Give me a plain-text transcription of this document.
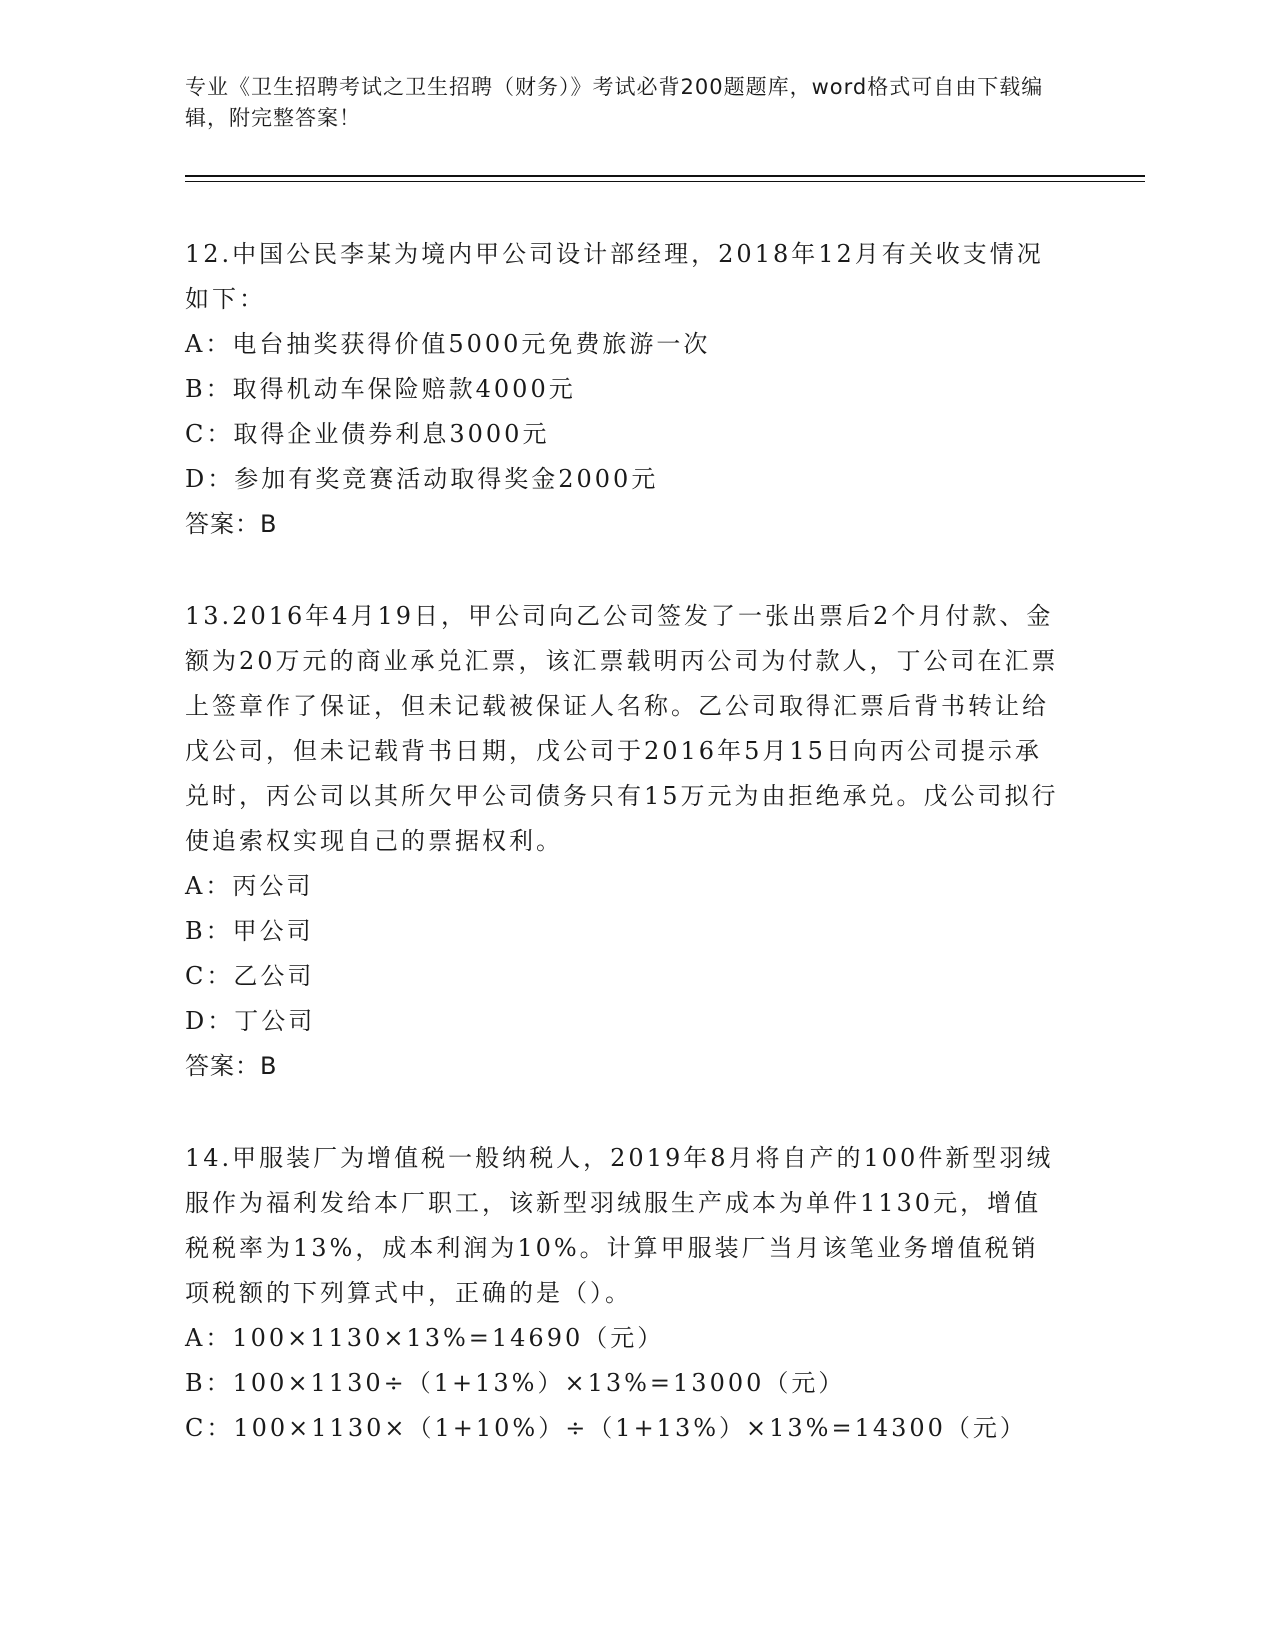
专业《卫生招聘考试之卫生招聘（财务）》考试必背200题题库，word格式可自由下载编辑，附完整答案！
12.中国公民李某为境内甲公司设计部经理，2018年12月有关收支情况如下：
A：电台抽奖获得价值5000元免费旅游一次
B：取得机动车保险赔款4000元
C：取得企业债券利息3000元
D：参加有奖竞赛活动取得奖金2000元
答案：B
13.2016年4月19日，甲公司向乙公司签发了一张出票后2个月付款、金额为20万元的商业承兑汇票，该汇票载明丙公司为付款人，丁公司在汇票上签章作了保证，但未记载被保证人名称。乙公司取得汇票后背书转让给戊公司，但未记载背书日期，戊公司于2016年5月15日向丙公司提示承兑时，丙公司以其所欠甲公司债务只有15万元为由拒绝承兑。戊公司拟行使追索权实现自己的票据权利。
A：丙公司
B：甲公司
C：乙公司
D：丁公司
答案：B
14.甲服装厂为增值税一般纳税人，2019年8月将自产的100件新型羽绒服作为福利发给本厂职工，该新型羽绒服生产成本为单件1130元，增值税税率为13%，成本利润为10%。计算甲服装厂当月该笔业务增值税销项税额的下列算式中，正确的是（）。
A：100×1130×13%=14690（元）
B：100×1130÷（1+13%）×13%=13000（元）
C：100×1130×（1+10%）÷（1+13%）×13%=14300（元）
